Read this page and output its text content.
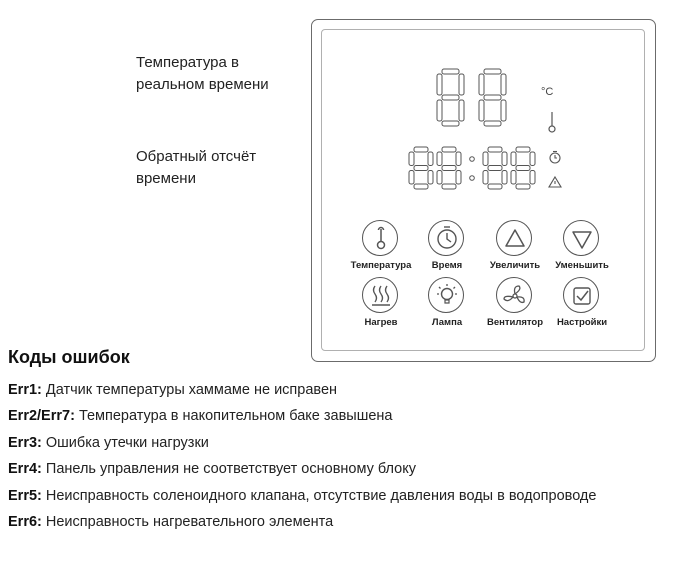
Температура в
реальном времени
Обратный отсчёт
времени
°C
Температура	Время	Увеличить	Уменьшить
Нагрев	Лампа	Вентилятор	Настройки
Коды ошибок
Err1: Датчик температуры хаммаме не исправен
Err2/Err7: Температура в накопительном баке завышена
Err3: Ошибка утечки нагрузки
Err4: Панель управления не соответствует основному блоку
Err5: Неисправность соленоидного клапана, отсутствие давления воды в водопроводе
Err6: Неисправность нагревательного элемента
